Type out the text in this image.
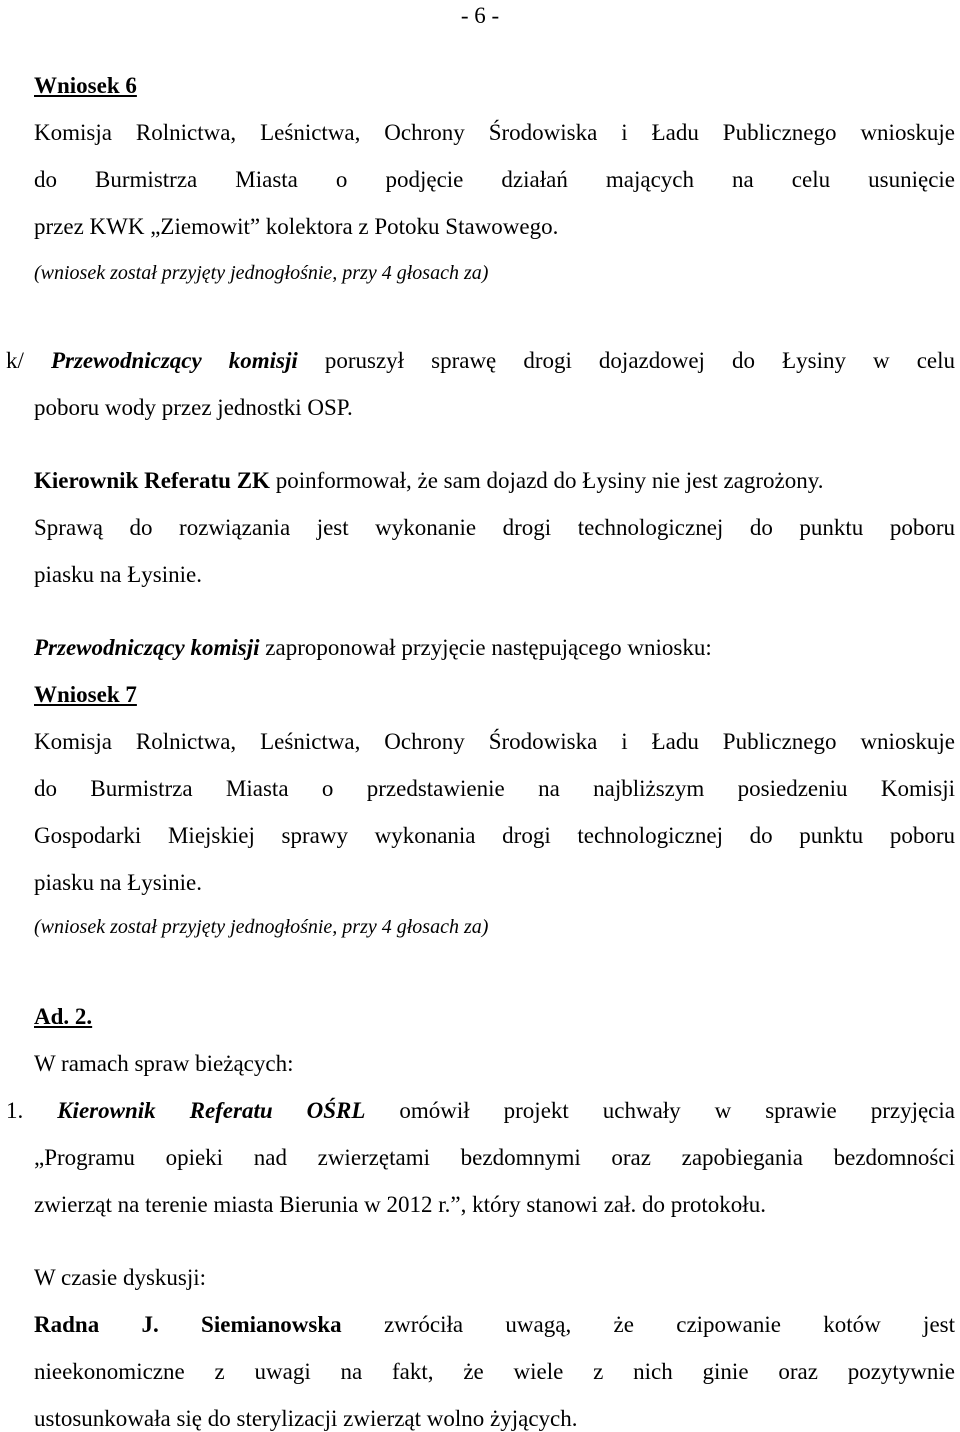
- 6 -
Wniosek 6
Komisja Rolnictwa, Leśnictwa, Ochrony Środowiska i Ładu Publicznego wnioskuje
do Burmistrza Miasta o podjęcie działań mających na celu usunięcie
przez KWK „Ziemowit” kolektora z Potoku Stawowego.
(wniosek został przyjęty jednogłośnie, przy 4 głosach za)
k/ Przewodniczący komisji poruszył sprawę drogi dojazdowej do Łysiny w celu
poboru wody przez jednostki OSP.
Kierownik Referatu ZK poinformował, że sam dojazd do Łysiny nie jest zagrożony.
Sprawą do rozwiązania jest wykonanie drogi technologicznej do punktu poboru
piasku na Łysinie.
Przewodniczący komisji zaproponował przyjęcie następującego wniosku:
Wniosek 7
Komisja Rolnictwa, Leśnictwa, Ochrony Środowiska i Ładu Publicznego wnioskuje
do Burmistrza Miasta o przedstawienie na najbliższym posiedzeniu Komisji
Gospodarki Miejskiej sprawy wykonania drogi technologicznej do punktu poboru
piasku na Łysinie.
(wniosek został przyjęty jednogłośnie, przy 4 głosach za)
Ad. 2.
W ramach spraw bieżących:
1. Kierownik Referatu OŚRL omówił projekt uchwały w sprawie przyjęcia
„Programu opieki nad zwierzętami bezdomnymi oraz zapobiegania bezdomności
zwierząt na terenie miasta Bierunia w 2012 r.”, który stanowi zał. do protokołu.
W czasie dyskusji:
Radna J. Siemianowska zwróciła uwagą, że czipowanie kotów jest
nieekonomiczne z uwagi na fakt, że wiele z nich ginie oraz pozytywnie
ustosunkowała się do sterylizacji zwierząt wolno żyjących.
